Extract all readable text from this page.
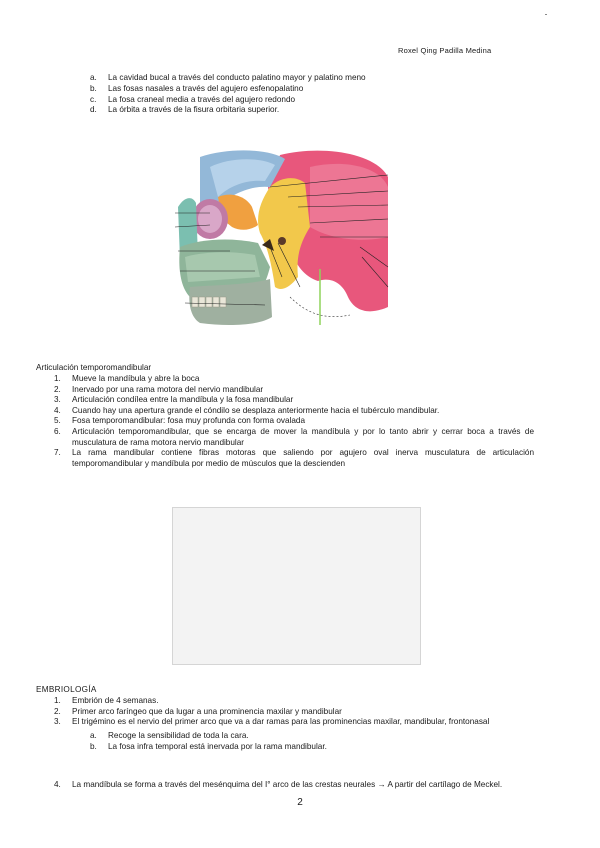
Roxel Qing Padilla Medina
a. La cavidad bucal a través del conducto palatino mayor y palatino meno
b. Las fosas nasales a través del agujero esfenopalatino
c. La fosa craneal media a través del agujero redondo
d. La órbita a través de la fisura orbitaria superior.
Articulación temporomandibular
1. Mueve la mandíbula y abre la boca
2. Inervado por una rama motora del nervio mandibular
3. Articulación condílea entre la mandíbula y la fosa mandibular
4. Cuando hay una apertura grande el cóndilo se desplaza anteriormente hacia el tubérculo mandibular.
5. Fosa temporomandibular: fosa muy profunda con forma ovalada
6. Articulación temporomandibular, que se encarga de mover la mandíbula y por lo tanto abrir y cerrar boca a través de musculatura de rama motora nervio mandibular
7. La rama mandibular contiene fibras motoras que saliendo por agujero oval inerva musculatura de articulación temporomandibular y mandíbula por medio de músculos que la descienden
EMBRIOLOGÍA
1. Embrión de 4 semanas.
2. Primer arco faríngeo que da lugar a una prominencia maxilar y mandibular
3. El trigémino es el nervio del primer arco que va a dar ramas para las prominencias maxilar, mandibular, frontonasal
a. Recoge la sensibilidad de toda la cara.
b. La fosa infra temporal está inervada por la rama mandibular.
4. La mandíbula se forma a través del mesénquima del I° arco de las crestas neurales → A partir del cartílago de Meckel.
2
